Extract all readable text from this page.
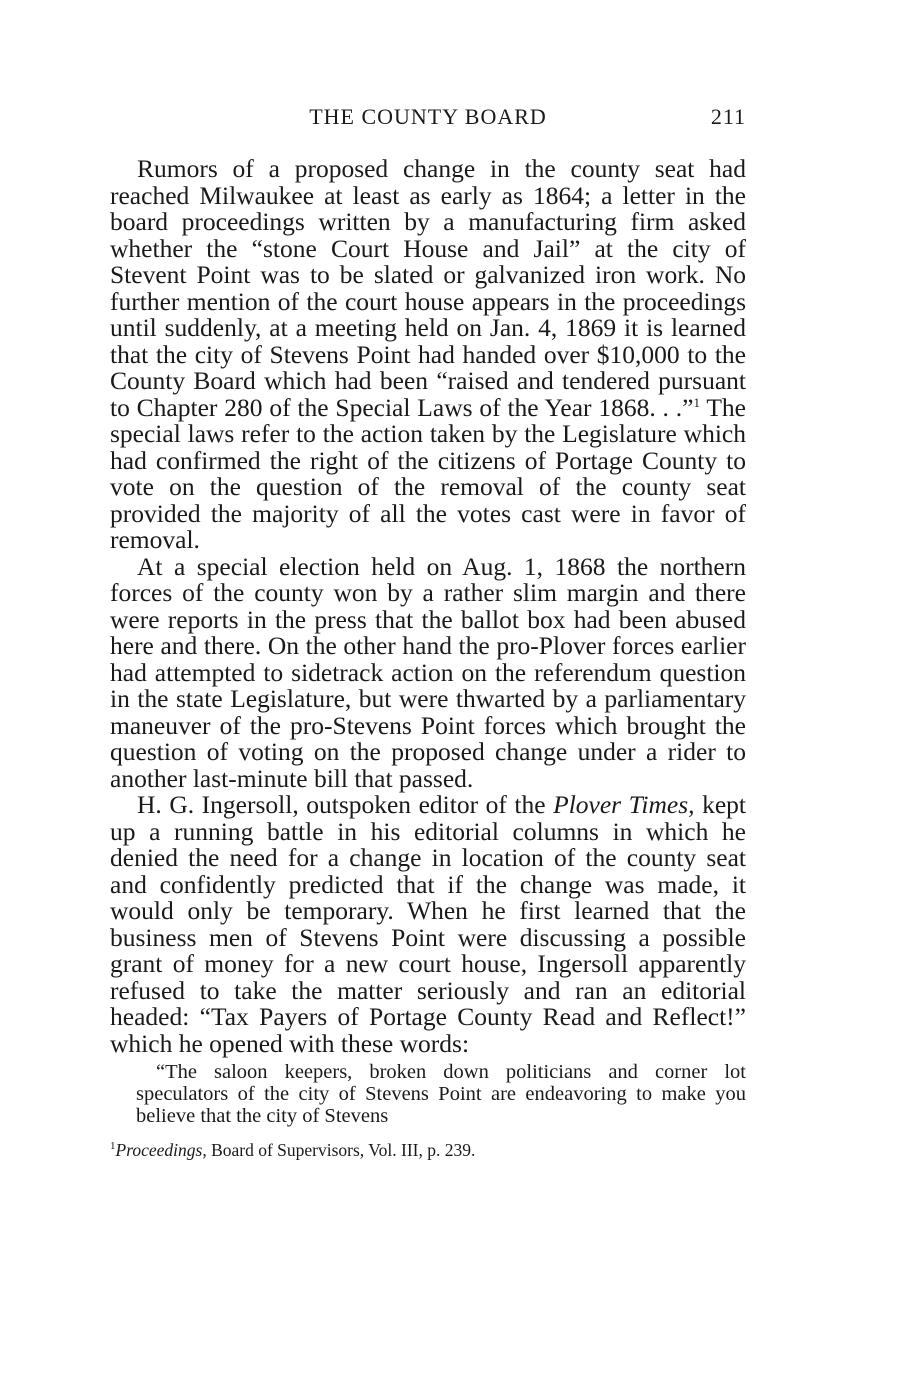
THE COUNTY BOARD	211

Rumors of a proposed change in the county seat had reached Milwaukee at least as early as 1864; a letter in the board proceedings written by a manufacturing firm asked whether the “stone Court House and Jail” at the city of Stevent Point was to be slated or galvanized iron work. No further mention of the court house appears in the proceedings until suddenly, at a meeting held on Jan. 4, 1869 it is learned that the city of Stevens Point had handed over $10,000 to the County Board which had been “raised and tendered pursuant to Chapter 280 of the Special Laws of the Year 1868. . .”$^1$ The special laws refer to the action taken by the Legislature which had confirmed the right of the citizens of Portage County to vote on the question of the removal of the county seat provided the majority of all the votes cast were in favor of removal.

At a special election held on Aug. 1, 1868 the northern forces of the county won by a rather slim margin and there were reports in the press that the ballot box had been abused here and there. On the other hand the pro-Plover forces earlier had attempted to sidetrack action on the referendum question in the state Legislature, but were thwarted by a parliamentary maneuver of the pro-Stevens Point forces which brought the question of voting on the proposed change under a rider to another last-minute bill that passed.

H. G. Ingersoll, outspoken editor of the Plover Times, kept up a running battle in his editorial columns in which he denied the need for a change in location of the county seat and confidently predicted that if the change was made, it would only be temporary. When he first learned that the business men of Stevens Point were discussing a possible grant of money for a new court house, Ingersoll apparently refused to take the matter seriously and ran an editorial headed: “Tax Payers of Portage County Read and Reflect!” which he opened with these words:

“The saloon keepers, broken down politicians and corner lot speculators of the city of Stevens Point are endeavoring to make you believe that the city of Stevens

$^1$Proceedings, Board of Supervisors, Vol. III, p. 239.
